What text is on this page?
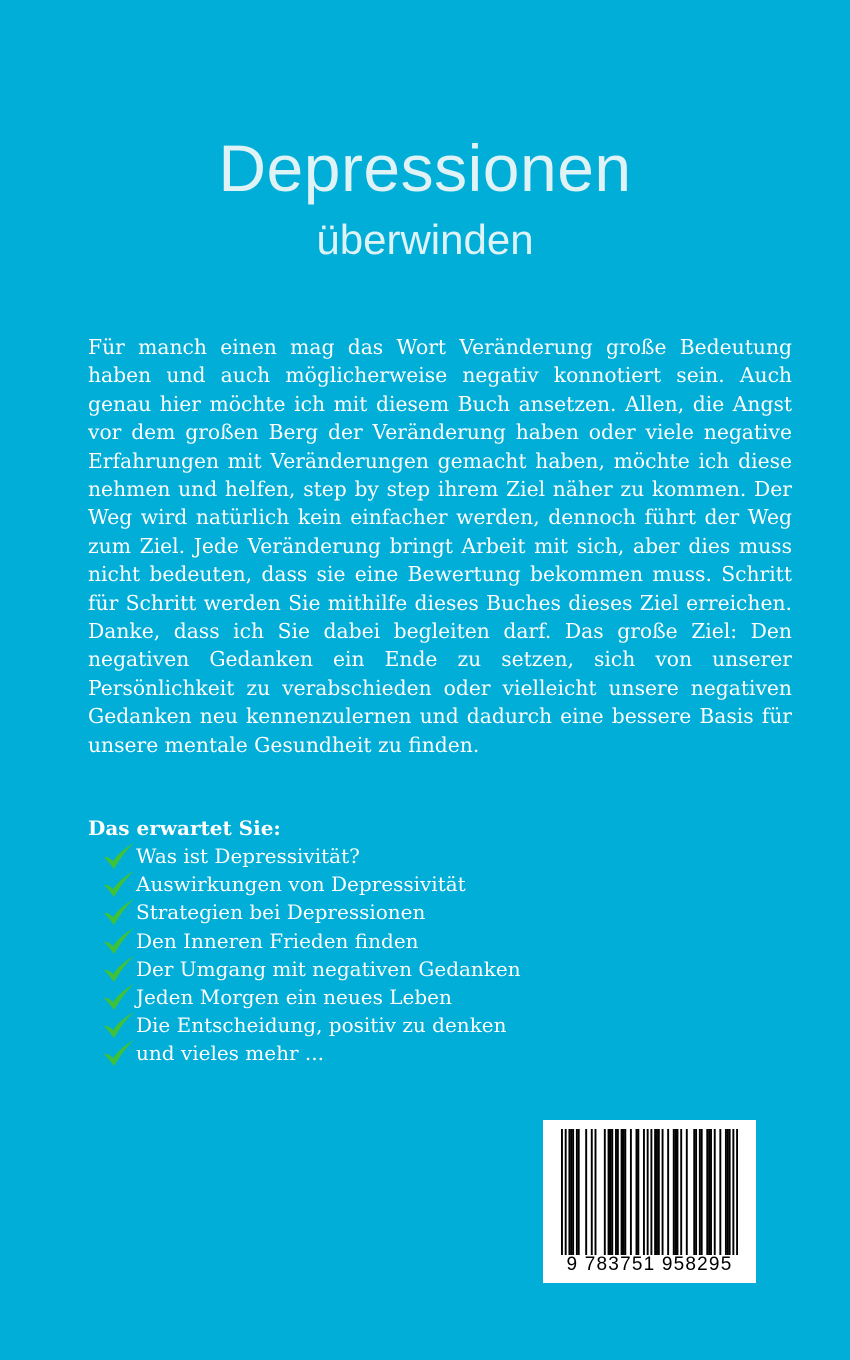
Depressionen
überwinden

Für manch einen mag das Wort Veränderung große Bedeutung haben und auch möglicherweise negativ konnotiert sein. Auch genau hier möchte ich mit diesem Buch ansetzen. Allen, die Angst vor dem großen Berg der Veränderung haben oder viele negative Erfahrungen mit Veränderungen gemacht haben, möchte ich diese nehmen und helfen, step by step ihrem Ziel näher zu kommen. Der Weg wird natürlich kein einfacher werden, dennoch führt der Weg zum Ziel. Jede Veränderung bringt Arbeit mit sich, aber dies muss nicht bedeuten, dass sie eine Bewertung bekommen muss. Schritt für Schritt werden Sie mithilfe dieses Buches dieses Ziel erreichen. Danke, dass ich Sie dabei begleiten darf. Das große Ziel: Den negativen Gedanken ein Ende zu setzen, sich von unserer Persönlichkeit zu verabschieden oder vielleicht unsere negativen Gedanken neu kennenzulernen und dadurch eine bessere Basis für unsere mentale Gesundheit zu finden.

Das erwartet Sie:

Was ist Depressivität?
Auswirkungen von Depressivität
Strategien bei Depressionen
Den Inneren Frieden finden
Der Umgang mit negativen Gedanken
Jeden Morgen ein neues Leben
Die Entscheidung, positiv zu denken
und vieles mehr ...
9 783751 958295
